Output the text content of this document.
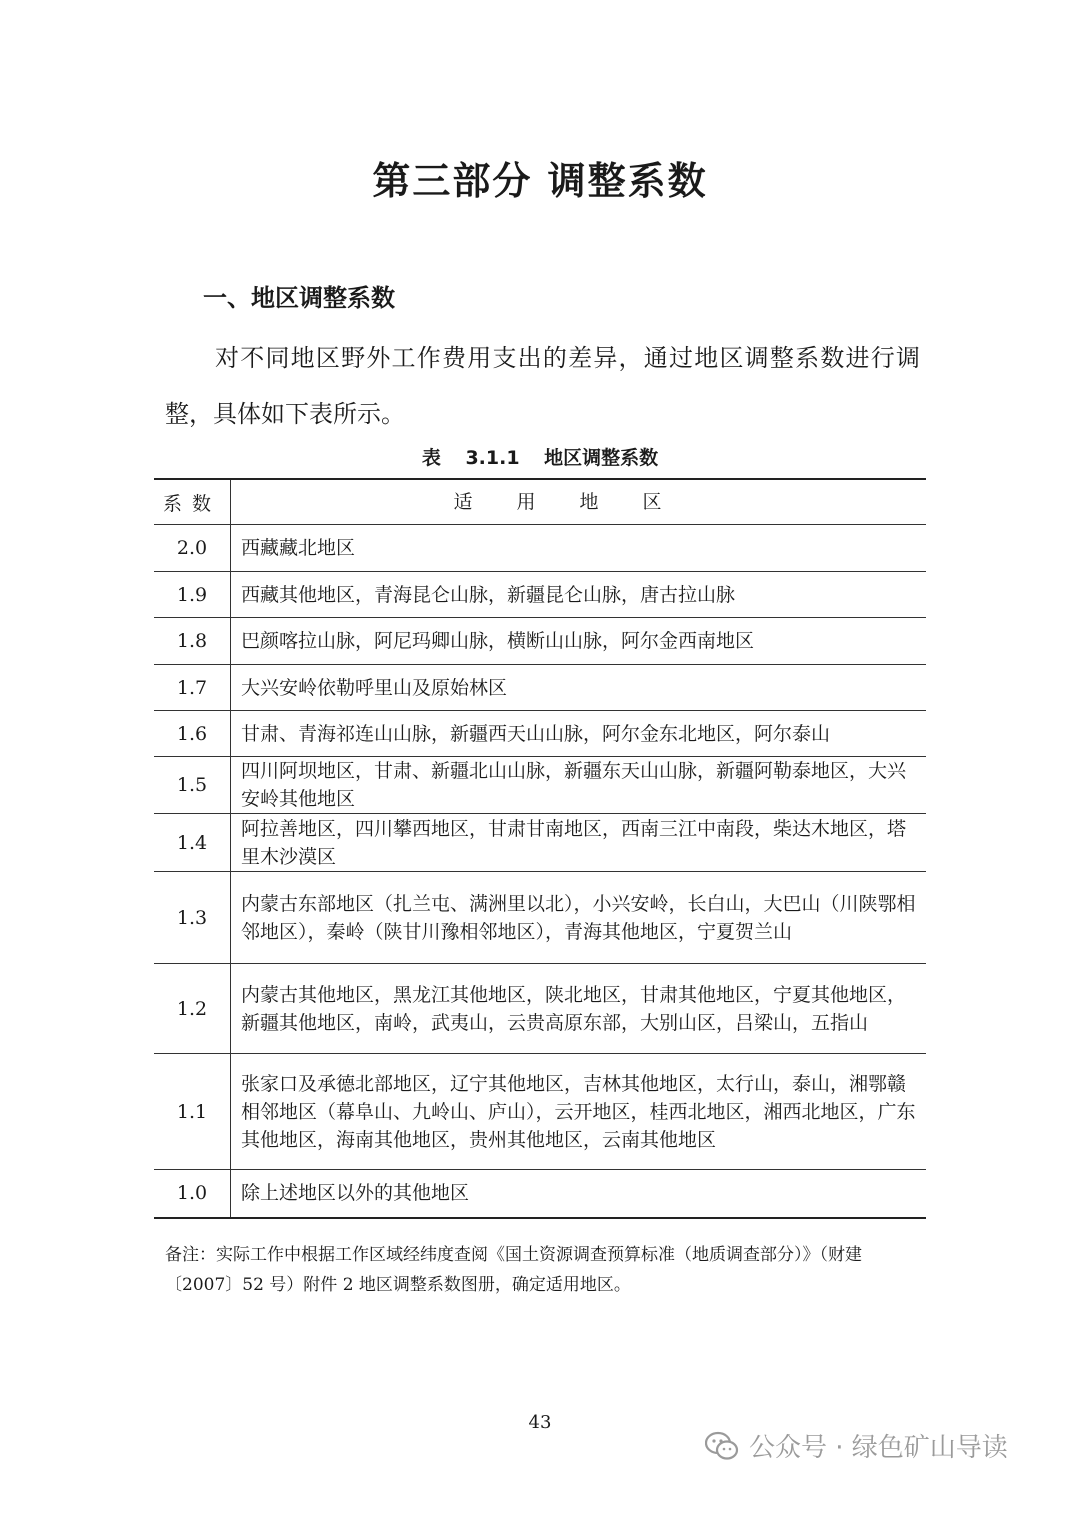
第三部分 调整系数
一、地区调整系数

对不同地区野外工作费用支出的差异，通过地区调整系数进行调整，具体如下表所示。

表 3.1.1 地区调整系数
系数	适用地区
2.0	西藏藏北地区
1.9	西藏其他地区，青海昆仑山脉，新疆昆仑山脉，唐古拉山脉
1.8	巴颜喀拉山脉，阿尼玛卿山脉，横断山山脉，阿尔金西南地区
1.7	大兴安岭依勒呼里山及原始林区
1.6	甘肃、青海祁连山山脉，新疆西天山山脉，阿尔金东北地区，阿尔泰山
1.5	四川阿坝地区，甘肃、新疆北山山脉，新疆东天山山脉，新疆阿勒泰地区，大兴安岭其他地区
1.4	阿拉善地区，四川攀西地区，甘肃甘南地区，西南三江中南段，柴达木地区，塔里木沙漠区
1.3	内蒙古东部地区（扎兰屯、满洲里以北），小兴安岭，长白山，大巴山（川陕鄂相邻地区），秦岭（陕甘川豫相邻地区），青海其他地区，宁夏贺兰山
1.2	内蒙古其他地区，黑龙江其他地区，陕北地区，甘肃其他地区，宁夏其他地区，新疆其他地区，南岭，武夷山，云贵高原东部，大别山区，吕梁山，五指山
1.1	张家口及承德北部地区，辽宁其他地区，吉林其他地区，太行山，泰山，湘鄂赣相邻地区（幕阜山、九岭山、庐山），云开地区，桂西北地区，湘西北地区，广东其他地区，海南其他地区，贵州其他地区，云南其他地区
1.0	除上述地区以外的其他地区

备注：实际工作中根据工作区域经纬度查阅《国土资源调查预算标准（地质调查部分）》（财建〔2007〕52 号）附件 2 地区调整系数图册，确定适用地区。

43
公众号 · 绿色矿山导读
